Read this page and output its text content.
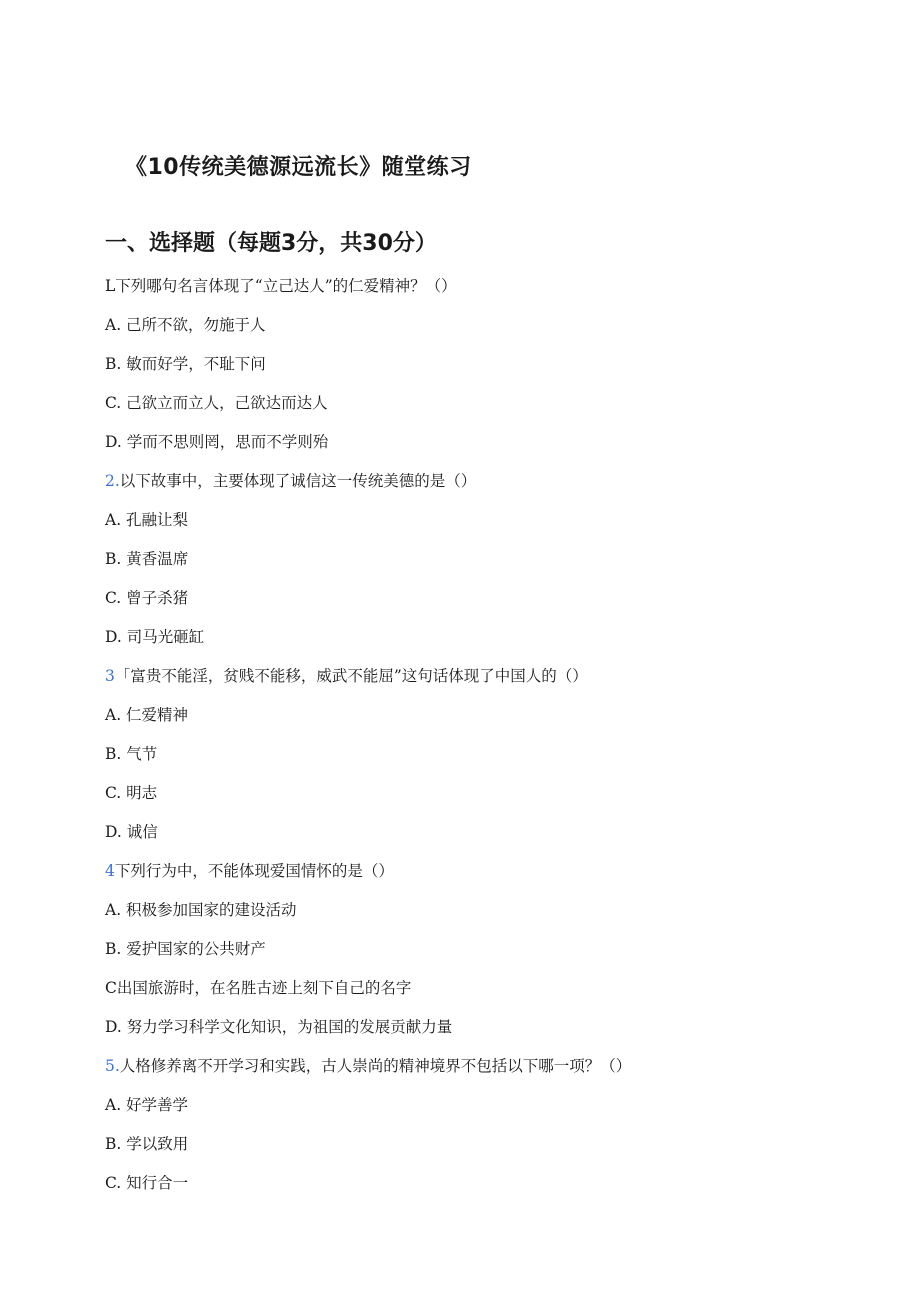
《10传统美德源远流长》随堂练习
一、选择题（每题3分，共30分）
L下列哪句名言体现了“立己达人”的仁爱精神？（）
A. 己所不欲，勿施于人
B. 敏而好学，不耻下问
C. 己欲立而立人，己欲达而达人
D. 学而不思则罔，思而不学则殆
2.以下故事中，主要体现了诚信这一传统美德的是（）
A. 孔融让梨
B. 黄香温席
C. 曾子杀猪
D. 司马光砸缸
3「富贵不能淫，贫贱不能移，威武不能屈”这句话体现了中国人的（）
A. 仁爱精神
B. 气节
C. 明志
D. 诚信
4下列行为中，不能体现爱国情怀的是（）
A. 积极参加国家的建设活动
B. 爱护国家的公共财产
C出国旅游时，在名胜古迹上刻下自己的名字
D. 努力学习科学文化知识，为祖国的发展贡献力量
5.人格修养离不开学习和实践，古人崇尚的精神境界不包括以下哪一项？（）
A. 好学善学
B. 学以致用
C. 知行合一
